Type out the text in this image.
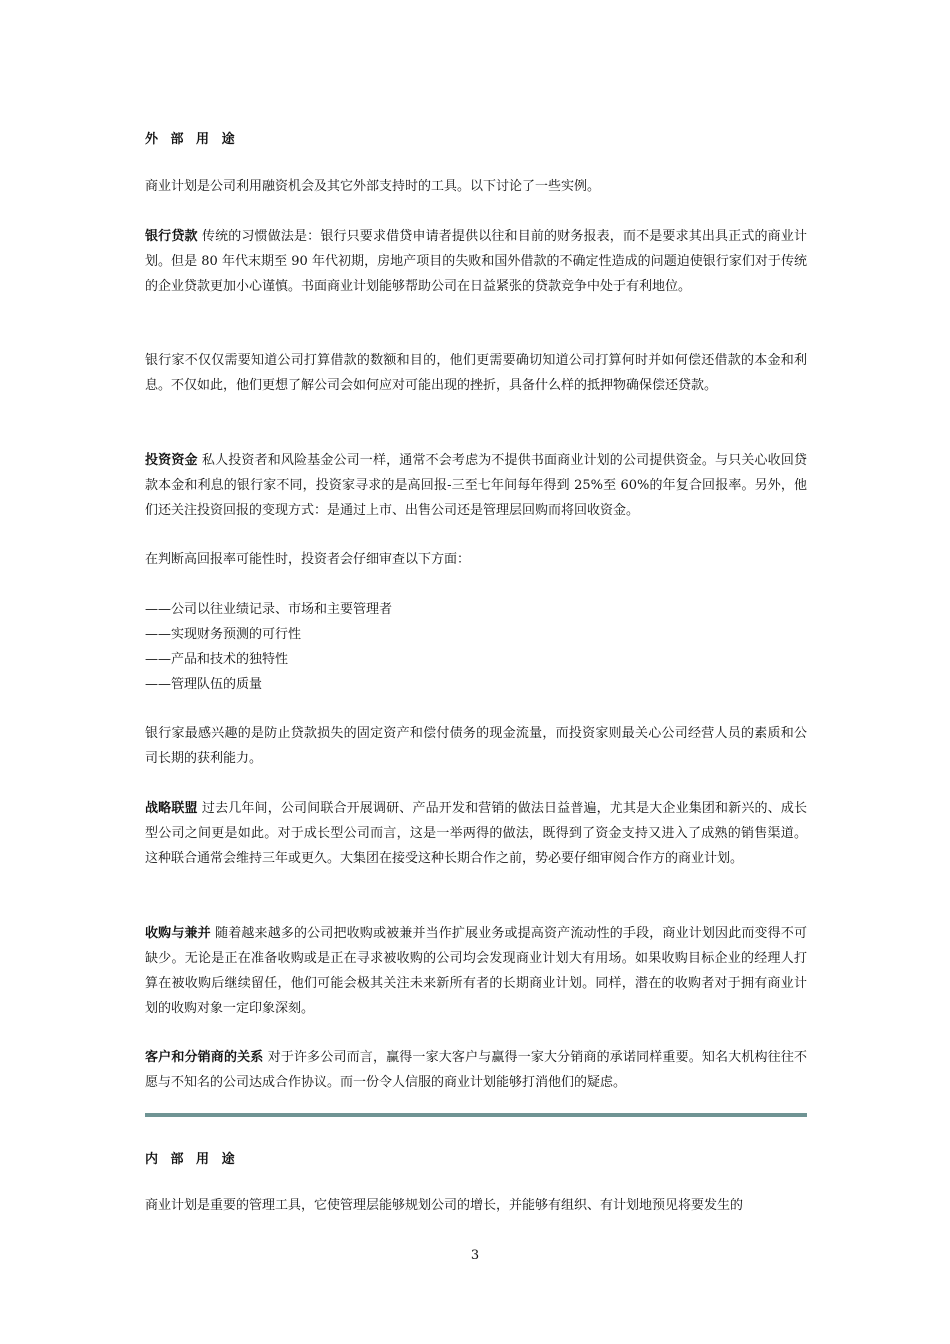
外 部 用 途

商业计划是公司利用融资机会及其它外部支持时的工具。以下讨论了一些实例。

银行贷款 传统的习惯做法是：银行只要求借贷申请者提供以往和目前的财务报表，而不是要求其出具正式的商业计划。但是 80 年代末期至 90 年代初期，房地产项目的失败和国外借款的不确定性造成的问题迫使银行家们对于传统的企业贷款更加小心谨慎。书面商业计划能够帮助公司在日益紧张的贷款竞争中处于有利地位。

银行家不仅仅需要知道公司打算借款的数额和目的，他们更需要确切知道公司打算何时并如何偿还借款的本金和利息。不仅如此，他们更想了解公司会如何应对可能出现的挫折，具备什么样的抵押物确保偿还贷款。

投资资金 私人投资者和风险基金公司一样，通常不会考虑为不提供书面商业计划的公司提供资金。与只关心收回贷款本金和利息的银行家不同，投资家寻求的是高回报-三至七年间每年得到 25%至 60%的年复合回报率。另外，他们还关注投资回报的变现方式：是通过上市、出售公司还是管理层回购而将回收资金。

在判断高回报率可能性时，投资者会仔细审查以下方面：

——公司以往业绩记录、市场和主要管理者
——实现财务预测的可行性
——产品和技术的独特性
——管理队伍的质量

银行家最感兴趣的是防止贷款损失的固定资产和偿付债务的现金流量，而投资家则最关心公司经营人员的素质和公司长期的获利能力。

战略联盟 过去几年间，公司间联合开展调研、产品开发和营销的做法日益普遍，尤其是大企业集团和新兴的、成长型公司之间更是如此。对于成长型公司而言，这是一举两得的做法，既得到了资金支持又进入了成熟的销售渠道。这种联合通常会维持三年或更久。大集团在接受这种长期合作之前，势必要仔细审阅合作方的商业计划。

收购与兼并 随着越来越多的公司把收购或被兼并当作扩展业务或提高资产流动性的手段，商业计划因此而变得不可缺少。无论是正在准备收购或是正在寻求被收购的公司均会发现商业计划大有用场。如果收购目标企业的经理人打算在被收购后继续留任，他们可能会极其关注未来新所有者的长期商业计划。同样，潜在的收购者对于拥有商业计划的收购对象一定印象深刻。

客户和分销商的关系 对于许多公司而言，赢得一家大客户与赢得一家大分销商的承诺同样重要。知名大机构往往不愿与不知名的公司达成合作协议。而一份令人信服的商业计划能够打消他们的疑虑。

内 部 用 途

商业计划是重要的管理工具，它使管理层能够规划公司的增长，并能够有组织、有计划地预见将要发生的

3
